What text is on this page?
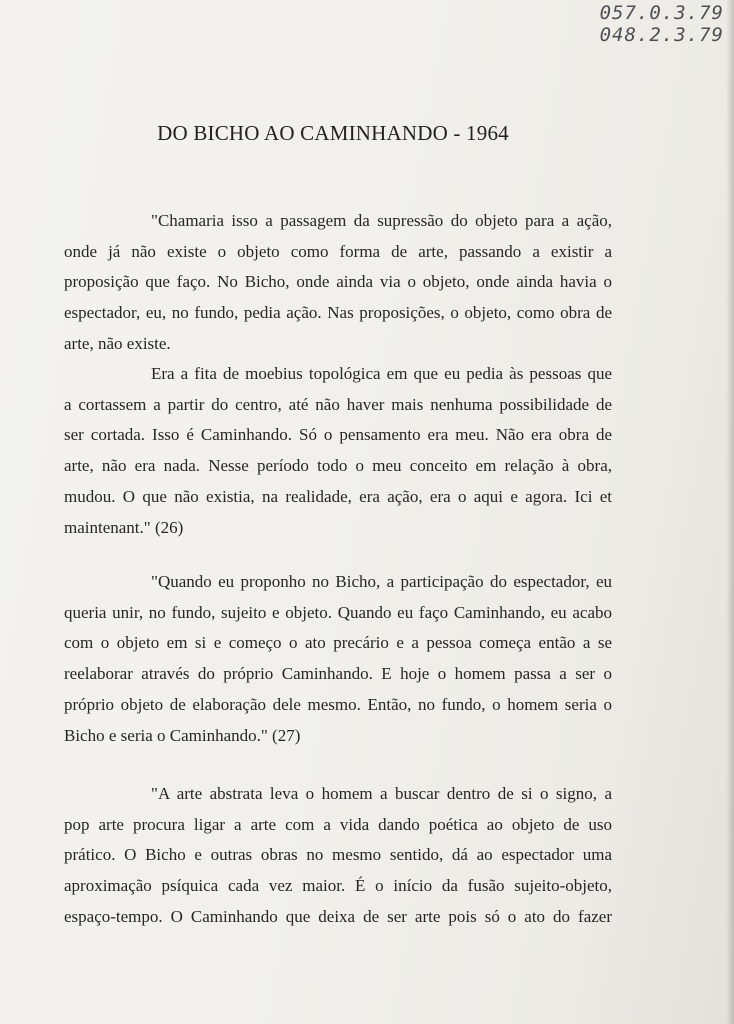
057.0.3.79
048.2.3.79
DO BICHO AO CAMINHANDO - 1964

"Chamaria isso a passagem da supressão do objeto para a ação,
onde já não existe o objeto como forma de arte, passando a existir a
proposição que faço. No Bicho, onde ainda via o objeto, onde ainda havia o
espectador, eu, no fundo, pedia ação. Nas proposições, o objeto, como obra de
arte, não existe.

Era a fita de moebius topológica em que eu pedia às pessoas que
a cortassem a partir do centro, até não haver mais nenhuma possibilidade de
ser cortada. Isso é Caminhando. Só o pensamento era meu. Não era obra de
arte, não era nada. Nesse período todo o meu conceito em relação à obra,
mudou. O que não existia, na realidade, era ação, era o aqui e agora. Ici et
maintenant." (26)

"Quando eu proponho no Bicho, a participação do espectador, eu
queria unir, no fundo, sujeito e objeto. Quando eu faço Caminhando, eu acabo
com o objeto em si e começo o ato precário e a pessoa começa então a se
reelaborar através do próprio Caminhando. E hoje o homem passa a ser o
próprio objeto de elaboração dele mesmo. Então, no fundo, o homem seria o
Bicho e seria o Caminhando." (27)

"A arte abstrata leva o homem a buscar dentro de si o signo, a
pop arte procura ligar a arte com a vida dando poética ao objeto de uso
prático. O Bicho e outras obras no mesmo sentido, dá ao espectador uma
aproximação psíquica cada vez maior. É o início da fusão sujeito-objeto,
espaço-tempo. O Caminhando que deixa de ser arte pois só o ato do fazer
